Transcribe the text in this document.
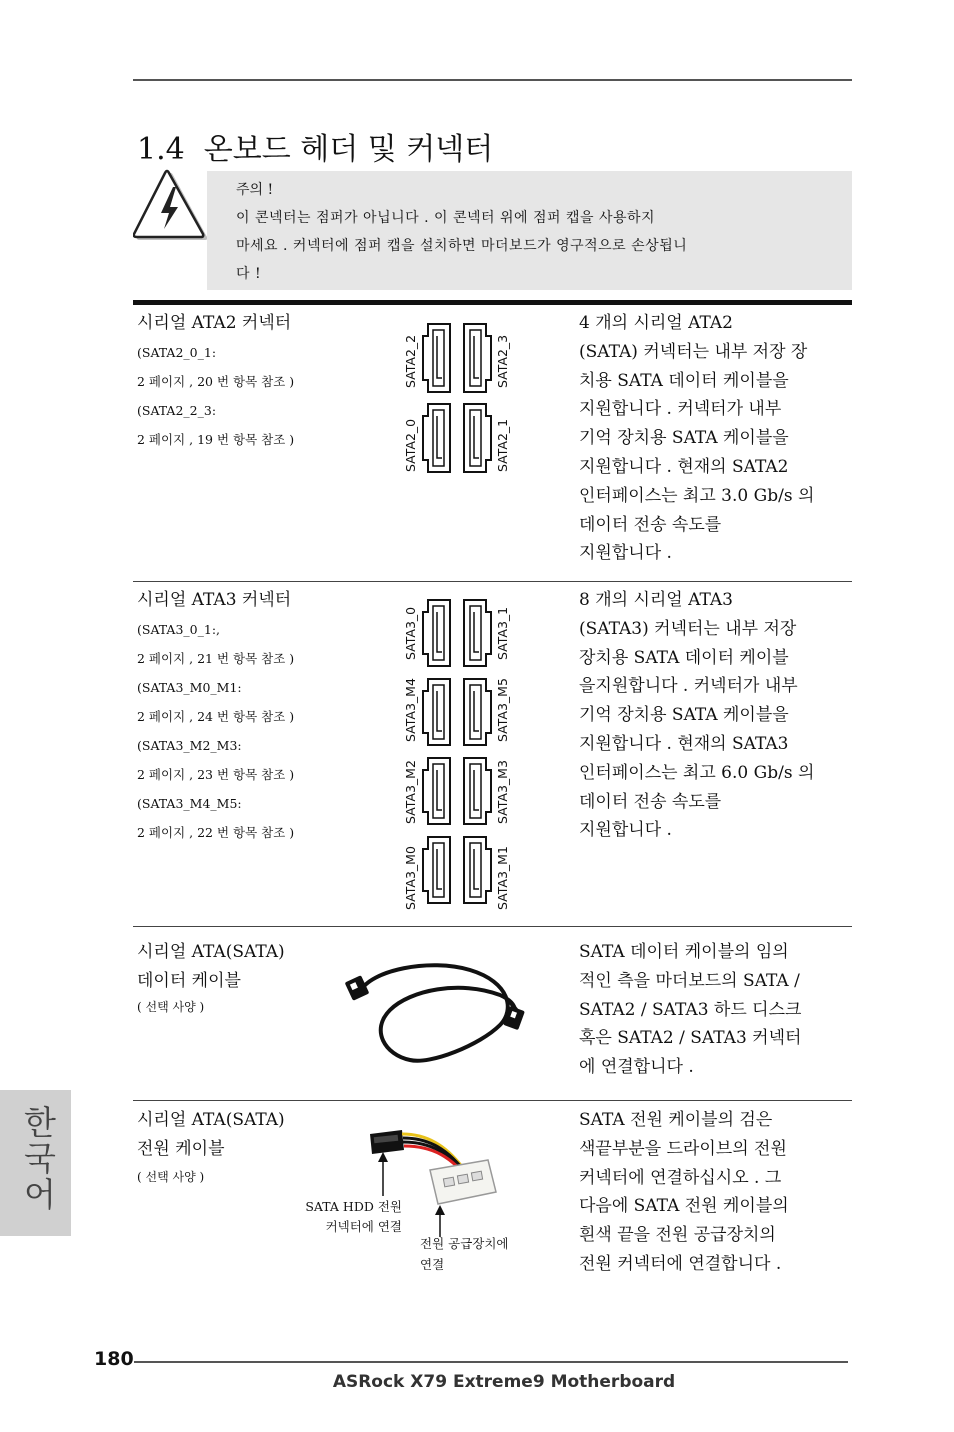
1.4 온보드 헤더 및 커넥터
주의 !
이 콘넥터는 점퍼가 아닙니다 . 이 콘넥터 위에 점퍼 캡을 사용하지
마세요 . 커넥터에 점퍼 캡을 설치하면 마더보드가 영구적으로 손상됩니
다 !
시리얼 ATA2 커넥터
(SATA2_0_1:
2 페이지 , 20 번 항목 참조 )
(SATA2_2_3:
2 페이지 , 19 번 항목 참조 )
SATA2_2	SATA2_3
SATA2_0	SATA2_1
4 개의 시리얼 ATA2
(SATA) 커넥터는 내부 저장 장
치용 SATA 데이터 케이블을
지원합니다 . 커넥터가 내부
기억 장치용 SATA 케이블을
지원합니다 . 현재의 SATA2
인터페이스는 최고 3.0 Gb/s 의
데이터 전송 속도를
지원합니다 .
시리얼 ATA3 커넥터
(SATA3_0_1:,
2 페이지 , 21 번 항목 참조 )
(SATA3_M0_M1:
2 페이지 , 24 번 항목 참조 )
(SATA3_M2_M3:
2 페이지 , 23 번 항목 참조 )
(SATA3_M4_M5:
2 페이지 , 22 번 항목 참조 )
SATA3_0
SATA3_M4
SATA3_M2
SATA3_M0
SATA3_1
SATA3_M5
SATA3_M3
SATA3_M1
8 개의 시리얼 ATA3
(SATA3) 커넥터는 내부 저장
장치용 SATA 데이터 케이블
을지원합니다 . 커넥터가 내부
기억 장치용 SATA 케이블을
지원합니다 . 현재의 SATA3
인터페이스는 최고 6.0 Gb/s 의
데이터 전송 속도를
지원합니다 .
시리얼 ATA(SATA)
데이터 케이블
( 선택 사양 )
SATA 데이터 케이블의 임의
적인 측을 마더보드의 SATA /
SATA2 / SATA3 하드 디스크
혹은 SATA2 / SATA3 커넥터
에 연결합니다 .
시리얼 ATA(SATA)
전원 케이블
( 선택 사양 )
SATA HDD 전원
커넥터에 연결
전원 공급장치에
연결
SATA 전원 케이블의 검은
색끝부분을 드라이브의 전원
커넥터에 연결하십시오 . 그
다음에 SATA 전원 케이블의
흰색 끝을 전원 공급장치의
전원 커넥터에 연결합니다 .
한
국
어
180
ASRock X79 Extreme9 Motherboard
